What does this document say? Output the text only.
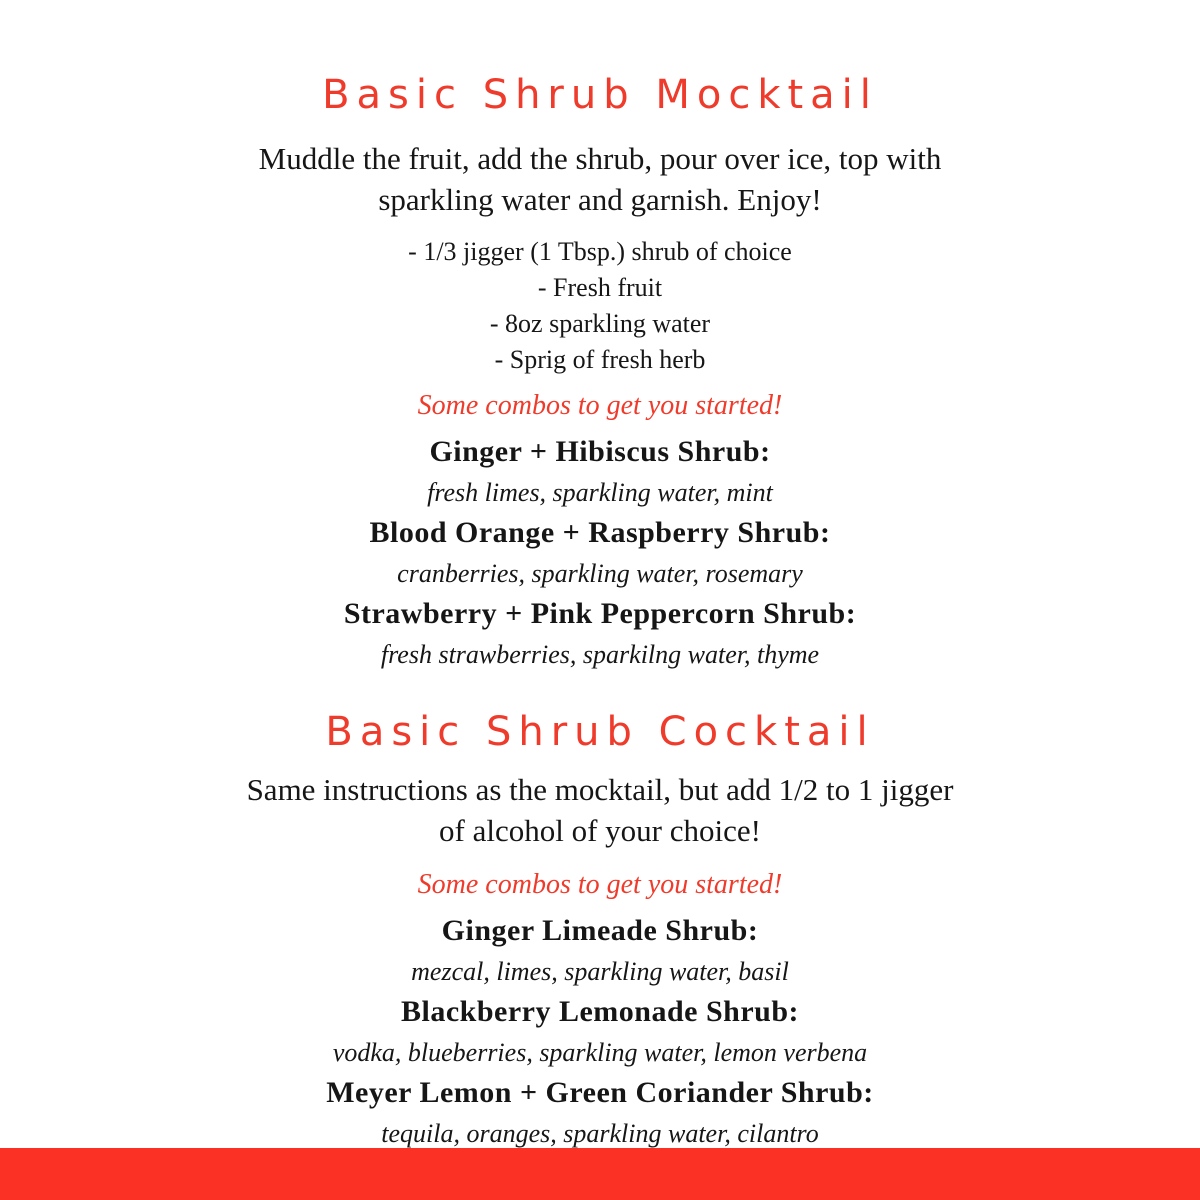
Basic Shrub Mocktail

Muddle the fruit, add the shrub, pour over ice, top with sparkling water and garnish. Enjoy!

- 1/3 jigger (1 Tbsp.) shrub of choice

- Fresh fruit

- 8oz sparkling water

- Sprig of fresh herb

Some combos to get you started!

Ginger + Hibiscus Shrub:

fresh limes, sparkling water, mint

Blood Orange + Raspberry Shrub:

cranberries, sparkling water, rosemary

Strawberry + Pink Peppercorn Shrub:

fresh strawberries, sparkilng water, thyme

Basic Shrub Cocktail

Same instructions as the mocktail, but add 1/2 to 1 jigger of alcohol of your choice!

Some combos to get you started!

Ginger Limeade Shrub:

mezcal, limes, sparkling water, basil

Blackberry Lemonade Shrub:

vodka, blueberries, sparkling water, lemon verbena

Meyer Lemon + Green Coriander Shrub:

tequila, oranges, sparkling water, cilantro
